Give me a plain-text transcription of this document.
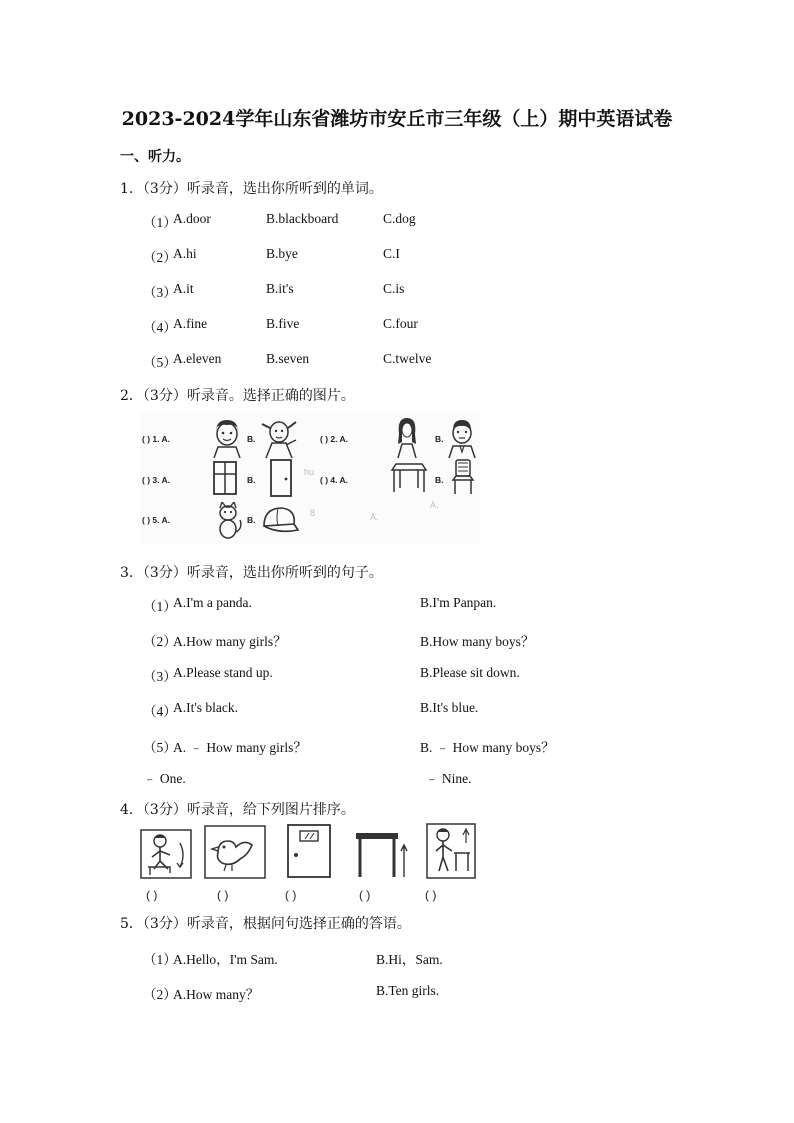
2023-2024学年山东省潍坊市安丘市三年级（上）期中英语试卷
一、听力。
1．（3分）听录音，选出你所听到的单词。
（1）
A.door	B.blackboard	C.dog
（2）
A.hi	B.bye	C.I
（3）
A.it	B.it's	C.is
（4）
A.fine	B.five	C.four
（5）
A.eleven	B.seven	C.twelve
2．（3分）听录音。选择正确的图片。
( ) 1. A.	B.	( ) 2. A.	B.
( ) 3. A.	B.	( ) 4. A.	B.
( ) 5. A.	B.
hu
A.
8	A.
3．（3分）听录音，选出你所听到的句子。
（1）
A.I'm a panda.	B.I'm Panpan.
（2）
A.How many girls？	B.How many boys？
（3）
A.Please stand up.	B.Please sit down.
（4）
A.It's black.	B.It's blue.
（5）
A. ﹣ How many girls？	B. ﹣ How many boys？
﹣ One.	﹣ Nine.
4．（3分）听录音，给下列图片排序。
( )	( )	( )	( )	( )
5．（3分）听录音，根据问句选择正确的答语。
（1）
A.Hello，I'm Sam.	B.Hi，Sam.
（2）
A.How many？	B.Ten girls.
